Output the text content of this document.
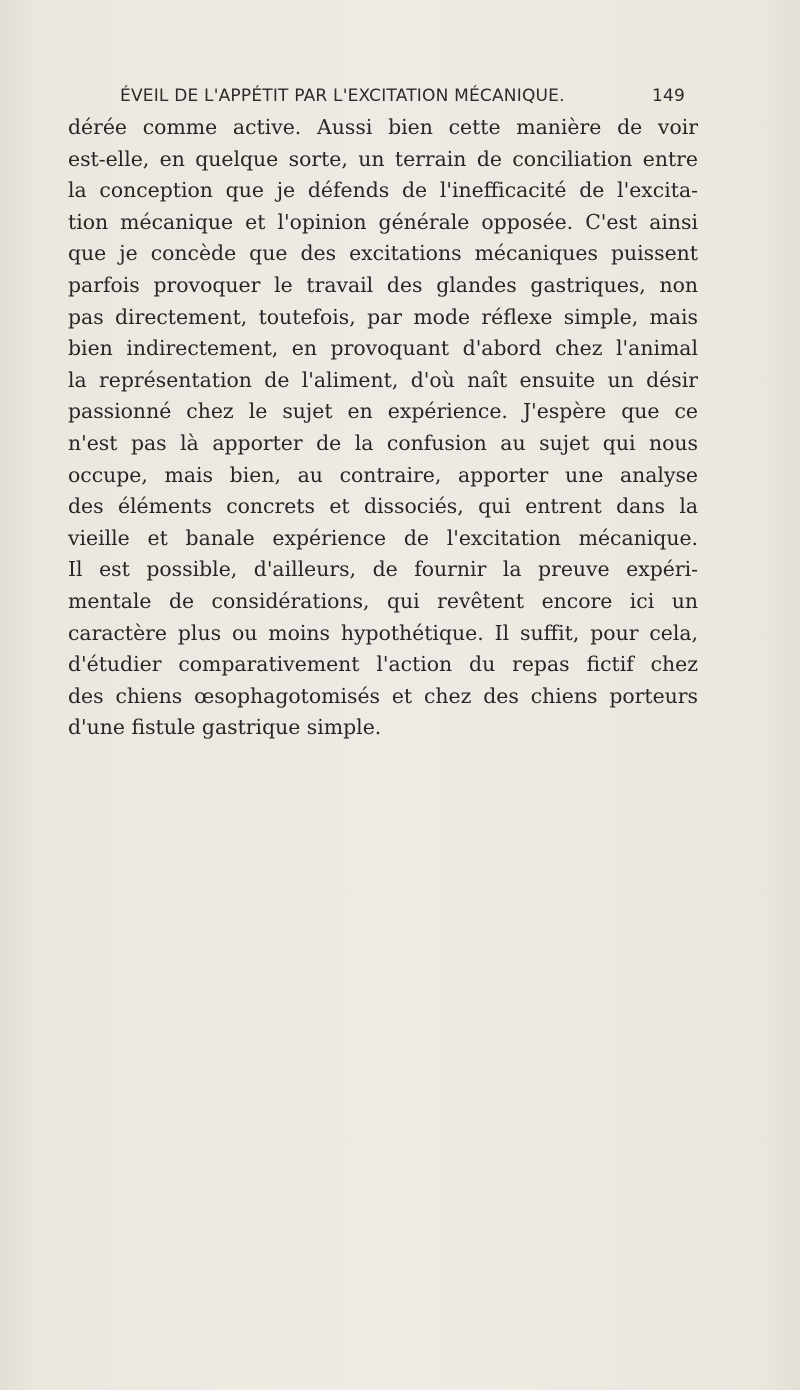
ÉVEIL DE L'APPÉTIT PAR L'EXCITATION MÉCANIQUE.	149
dérée comme active. Aussi bien cette manière de voir
est-elle, en quelque sorte, un terrain de conciliation entre
la conception que je défends de l'inefficacité de l'excita-
tion mécanique et l'opinion générale opposée. C'est ainsi
que je concède que des excitations mécaniques puissent
parfois provoquer le travail des glandes gastriques, non
pas directement, toutefois, par mode réflexe simple, mais
bien indirectement, en provoquant d'abord chez l'animal
la représentation de l'aliment, d'où naît ensuite un désir
passionné chez le sujet en expérience. J'espère que ce
n'est pas là apporter de la confusion au sujet qui nous
occupe, mais bien, au contraire, apporter une analyse
des éléments concrets et dissociés, qui entrent dans la
vieille et banale expérience de l'excitation mécanique.
Il est possible, d'ailleurs, de fournir la preuve expéri-
mentale de considérations, qui revêtent encore ici un
caractère plus ou moins hypothétique. Il suffit, pour cela,
d'étudier comparativement l'action du repas fictif chez
des chiens œsophagotomisés et chez des chiens porteurs
d'une fistule gastrique simple.
